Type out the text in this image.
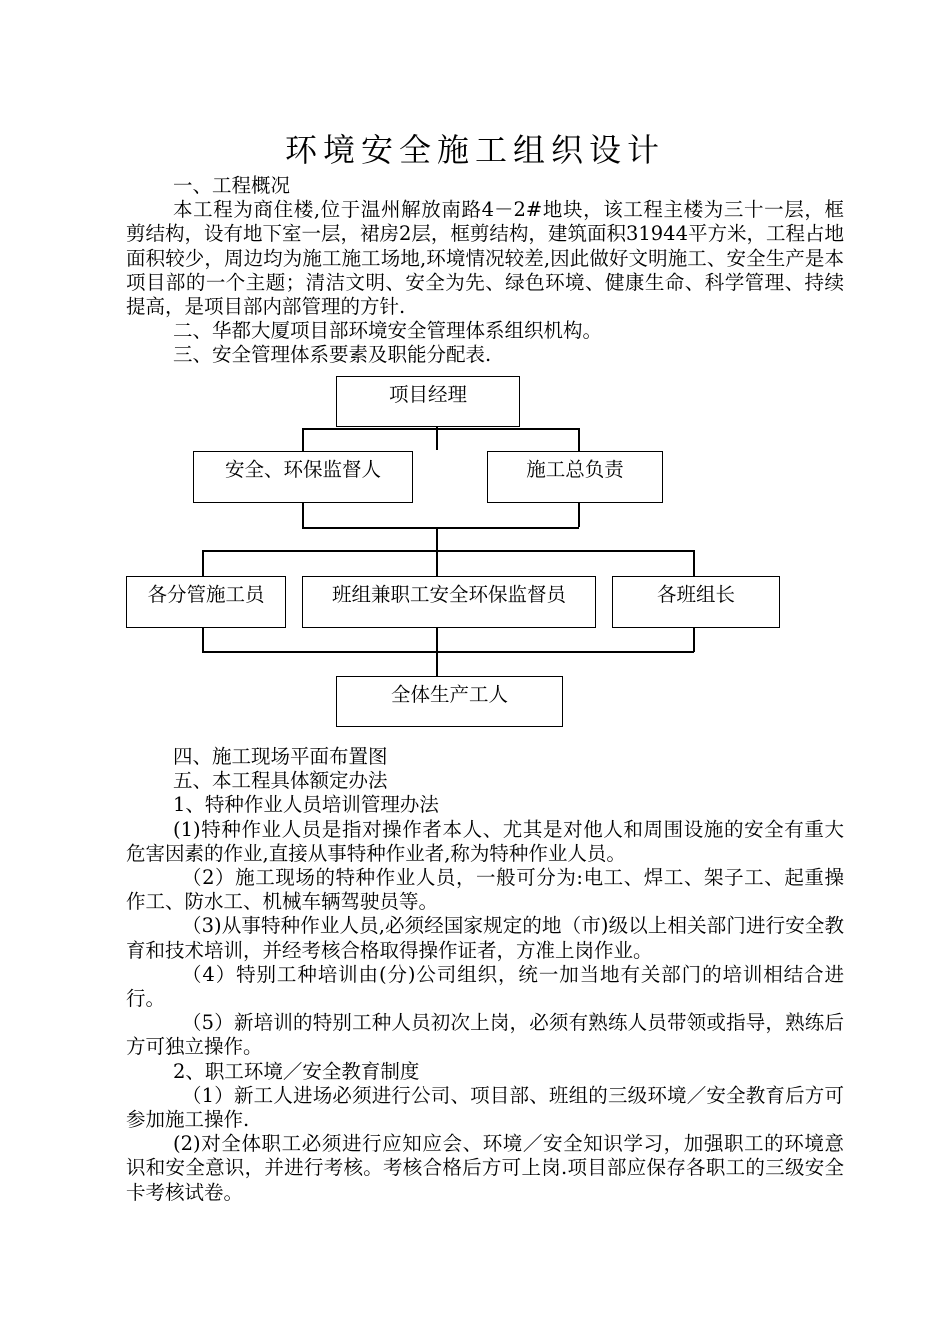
环境安全施工组织设计

一、工程概况

本工程为商住楼,位于温州解放南路4－2#地块，该工程主楼为三十一层，框剪结构，设有地下室一层，裙房2层，框剪结构，建筑面积31944平方米，工程占地面积较少，周边均为施工施工场地,环境情况较差,因此做好文明施工、安全生产是本项目部的一个主题；清洁文明、安全为先、绿色环境、健康生命、科学管理、持续提高，是项目部内部管理的方针.

二、华都大厦项目部环境安全管理体系组织机构。

三、安全管理体系要素及职能分配表.

项目经理
安全、环保监督人	施工总负责
各分管施工员	班组兼职工安全环保监督员	各班组长
全体生产工人

四、施工现场平面布置图

五、本工程具体额定办法

1、特种作业人员培训管理办法

(1)特种作业人员是指对操作者本人、尤其是对他人和周围设施的安全有重大危害因素的作业,直接从事特种作业者,称为特种作业人员。

（2）施工现场的特种作业人员，一般可分为:电工、焊工、架子工、起重操作工、防水工、机械车辆驾驶员等。

（3)从事特种作业人员,必须经国家规定的地（市)级以上相关部门进行安全教育和技术培训，并经考核合格取得操作证者，方准上岗作业。

（4）特别工种培训由(分)公司组织，统一加当地有关部门的培训相结合进行。

（5）新培训的特别工种人员初次上岗，必须有熟练人员带领或指导，熟练后方可独立操作。

2、职工环境／安全教育制度

（1）新工人进场必须进行公司、项目部、班组的三级环境／安全教育后方可参加施工操作.

(2)对全体职工必须进行应知应会、环境／安全知识学习，加强职工的环境意识和安全意识，并进行考核。考核合格后方可上岗.项目部应保存各职工的三级安全卡考核试卷。
